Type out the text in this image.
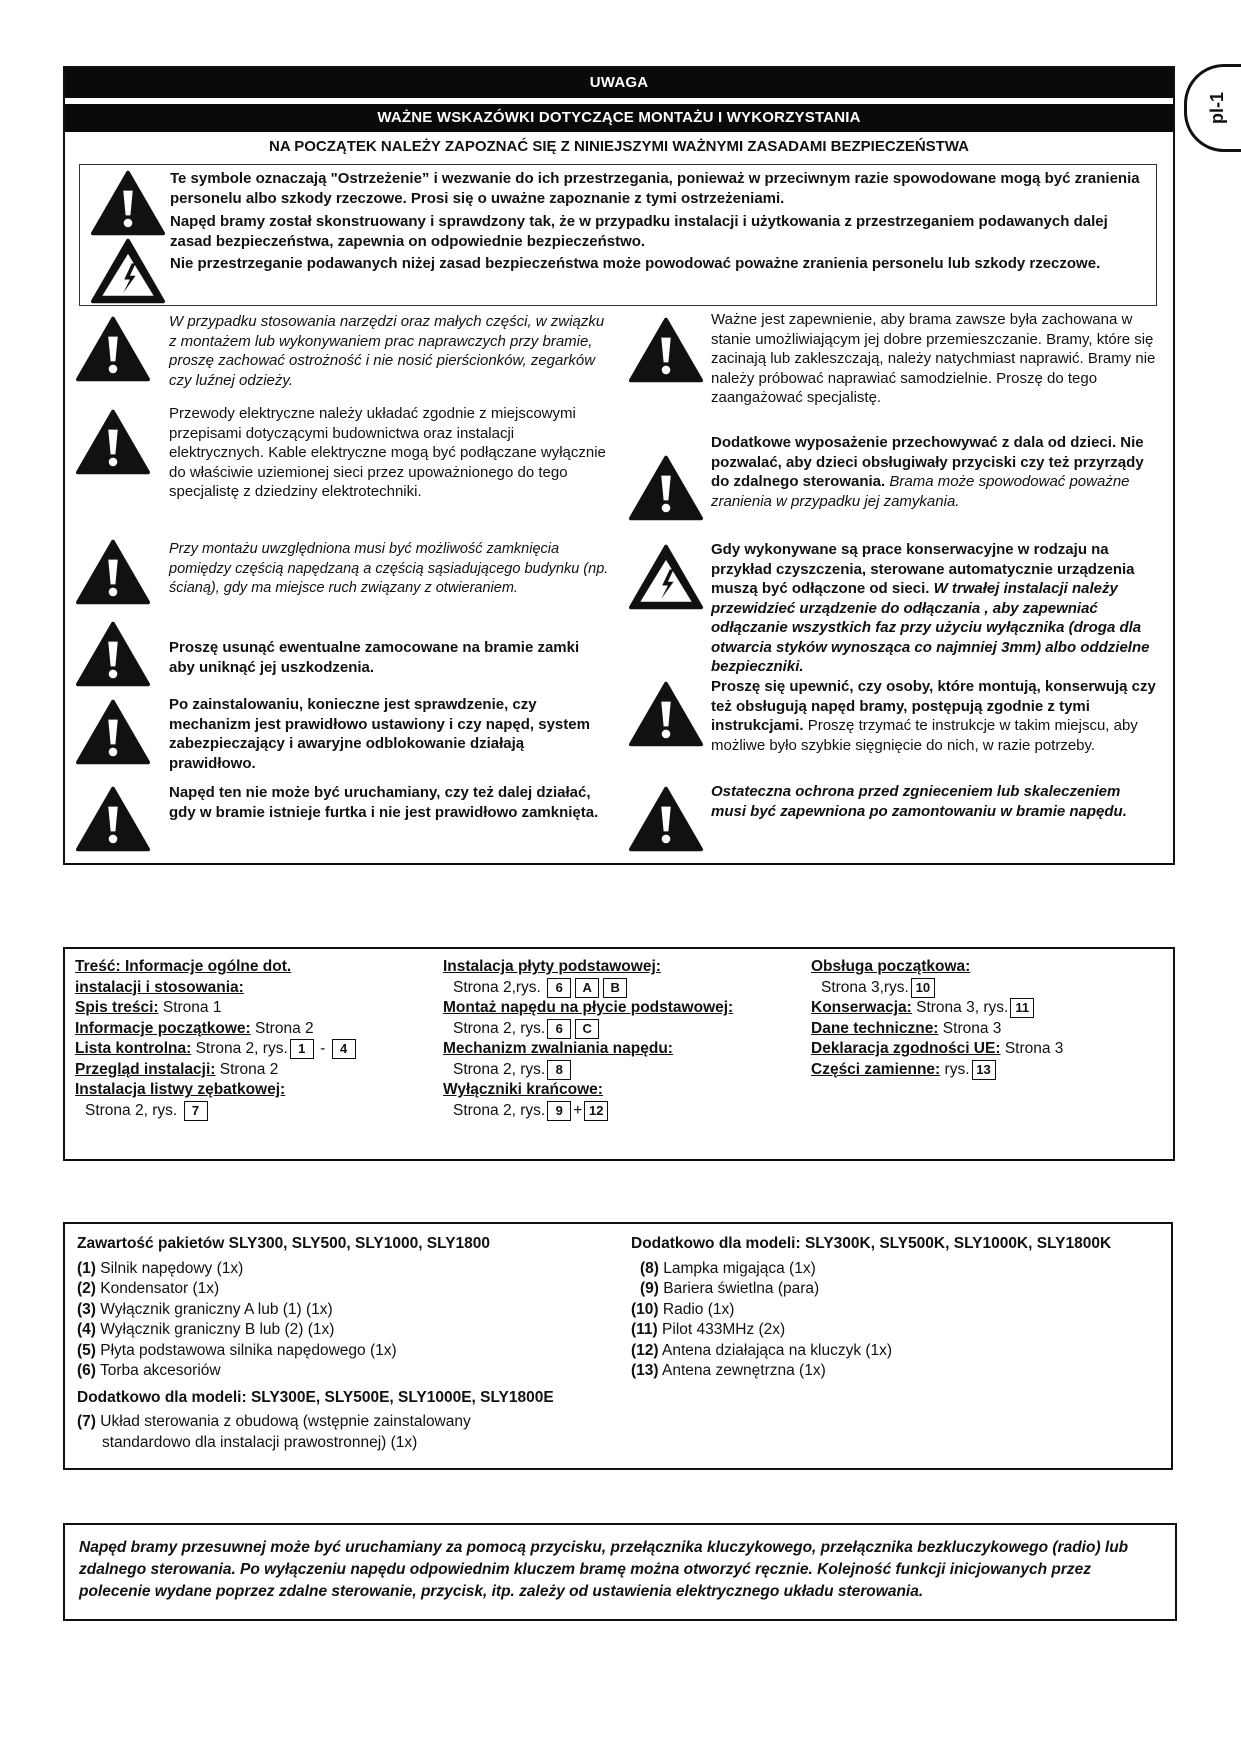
pl-1
UWAGA
WAŻNE WSKAZÓWKI DOTYCZĄCE MONTAŻU I WYKORZYSTANIA
NA POCZĄTEK NALEŻY ZAPOZNAĆ SIĘ Z NINIEJSZYMI WAŻNYMI ZASADAMI BEZPIECZEŃSTWA

Te symbole oznaczają "Ostrzeżenie” i wezwanie do ich przestrzegania, ponieważ w przeciwnym razie spowodowane mogą być zranienia personelu albo szkody rzeczowe. Prosi się o uważne zapoznanie z tymi ostrzeżeniami.

Napęd bramy został skonstruowany i sprawdzony tak, że w przypadku instalacji i użytkowania z przestrzeganiem podawanych dalej zasad bezpieczeństwa, zapewnia on odpowiednie bezpieczeństwo.

Nie przestrzeganie podawanych niżej zasad bezpieczeństwa może powodować poważne zranienia personelu lub szkody rzeczowe.

W przypadku stosowania narzędzi oraz małych części, w związku z montażem lub wykonywaniem prac naprawczych przy bramie, proszę zachować ostrożność i nie nosić pierścionków, zegarków czy luźnej odzieży.

Przewody elektryczne należy układać zgodnie z miejscowymi przepisami dotyczącymi budownictwa oraz instalacji elektrycznych. Kable elektryczne mogą być podłączane wyłącznie do właściwie uziemionej sieci przez upoważnionego do tego specjalistę z dziedziny elektrotechniki.

Przy montażu uwzględniona musi być możliwość zamknięcia pomiędzy częścią napędzaną a częścią sąsiadującego budynku (np. ścianą), gdy ma miejsce ruch związany z otwieraniem.

Proszę usunąć ewentualne zamocowane na bramie zamki aby uniknąć jej uszkodzenia.

Po zainstalowaniu, konieczne jest sprawdzenie, czy mechanizm jest prawidłowo ustawiony i czy napęd, system zabezpieczający i awaryjne odblokowanie działają prawidłowo.

Napęd ten nie może być uruchamiany, czy też dalej działać, gdy w bramie istnieje furtka i nie jest prawidłowo zamknięta.

Ważne jest zapewnienie, aby brama zawsze była zachowana w stanie umożliwiającym jej dobre przemieszczanie. Bramy, które się zacinają lub zakleszczają, należy natychmiast naprawić. Bramy nie należy próbować naprawiać samodzielnie. Proszę do tego zaangażować specjalistę.

Dodatkowe wyposażenie przechowywać z dala od dzieci. Nie pozwalać, aby dzieci obsługiwały przyciski czy też przyrządy do zdalnego sterowania. Brama może spowodować poważne zranienia w przypadku jej zamykania.

Gdy wykonywane są prace konserwacyjne w rodzaju na przykład czyszczenia, sterowane automatycznie urządzenia muszą być odłączone od sieci. W trwałej instalacji należy przewidzieć urządzenie do odłączania , aby zapewniać odłączanie wszystkich faz przy użyciu wyłącznika (droga dla otwarcia styków wynosząca co najmniej 3mm) albo oddzielne bezpieczniki.

Proszę się upewnić, czy osoby, które montują, konserwują czy też obsługują napęd bramy, postępują zgodnie z tymi instrukcjami. Proszę trzymać te instrukcje w takim miejscu, aby możliwe było szybkie sięgnięcie do nich, w razie potrzeby.

Ostateczna ochrona przed zgnieceniem lub skaleczeniem musi być zapewniona po zamontowaniu w bramie napędu.

Treść: Informacje ogólne dot.
instalacji i stosowania:
Spis treści: Strona 1
Informacje początkowe: Strona 2
Lista kontrolna: Strona 2, rys. 1 - 4
Przegląd instalacji: Strona 2
Instalacja listwy zębatkowej:
Strona 2, rys. 7
Instalacja płyty podstawowej:
Strona 2,rys. 6 A B
Montaż napędu na płycie podstawowej:
Strona 2, rys. 6 C
Mechanizm zwalniania napędu:
Strona 2, rys. 8
Wyłączniki krańcowe:
Strona 2, rys. 9 + 12
Obsługa początkowa:
Strona 3,rys. 10
Konserwacja: Strona 3, rys. 11
Dane techniczne: Strona 3
Deklaracja zgodności UE: Strona 3
Części zamienne: rys. 13
Zawartość pakietów SLY300, SLY500, SLY1000, SLY1800
(1) Silnik napędowy (1x)
(2) Kondensator (1x)
(3) Wyłącznik graniczny A lub (1) (1x)
(4) Wyłącznik graniczny B lub (2) (1x)
(5) Płyta podstawowa silnika napędowego (1x)
(6) Torba akcesoriów
Dodatkowo dla modeli: SLY300E, SLY500E, SLY1000E, SLY1800E
(7) Układ sterowania z obudową (wstępnie zainstalowany
standardowo dla instalacji prawostronnej) (1x)
Dodatkowo dla modeli: SLY300K, SLY500K, SLY1000K, SLY1800K
(8) Lampka migająca (1x)
(9) Bariera świetlna (para)
(10) Radio (1x)
(11) Pilot 433MHz (2x)
(12) Antena działająca na kluczyk (1x)
(13) Antena zewnętrzna (1x)

Napęd bramy przesuwnej może być uruchamiany za pomocą przycisku, przełącznika kluczykowego, przełącznika bezkluczykowego (radio) lub zdalnego sterowania. Po wyłączeniu napędu odpowiednim kluczem bramę można otworzyć ręcznie. Kolejność funkcji inicjowanych przez polecenie wydane poprzez zdalne sterowanie, przycisk, itp. zależy od ustawienia elektrycznego układu sterowania.
